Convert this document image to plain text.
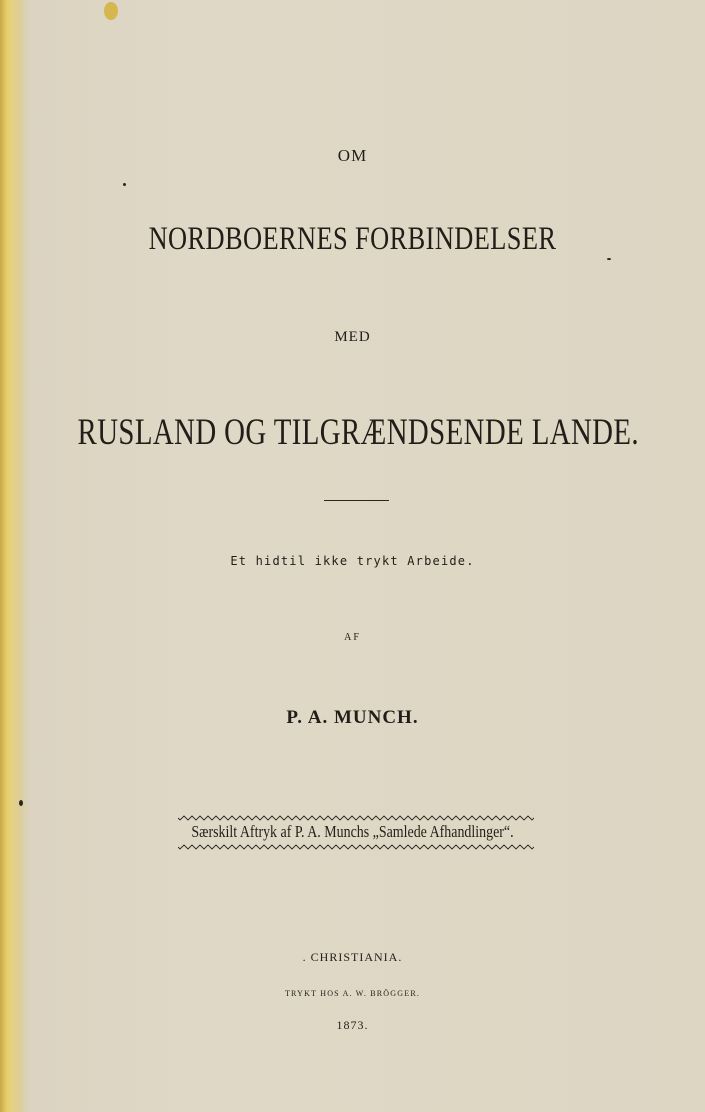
OM
NORDBOERNES FORBINDELSER
MED
RUSLAND OG TILGRÆNDSENDE LANDE.
Et hidtil ikke trykt Arbeide.
AF
P. A. MUNCH.
Særskilt Aftryk af P. A. Munchs „Samlede Afhandlinger“.
. CHRISTIANIA.
TRYKT HOS A. W. BRÖGGER.
1873.
